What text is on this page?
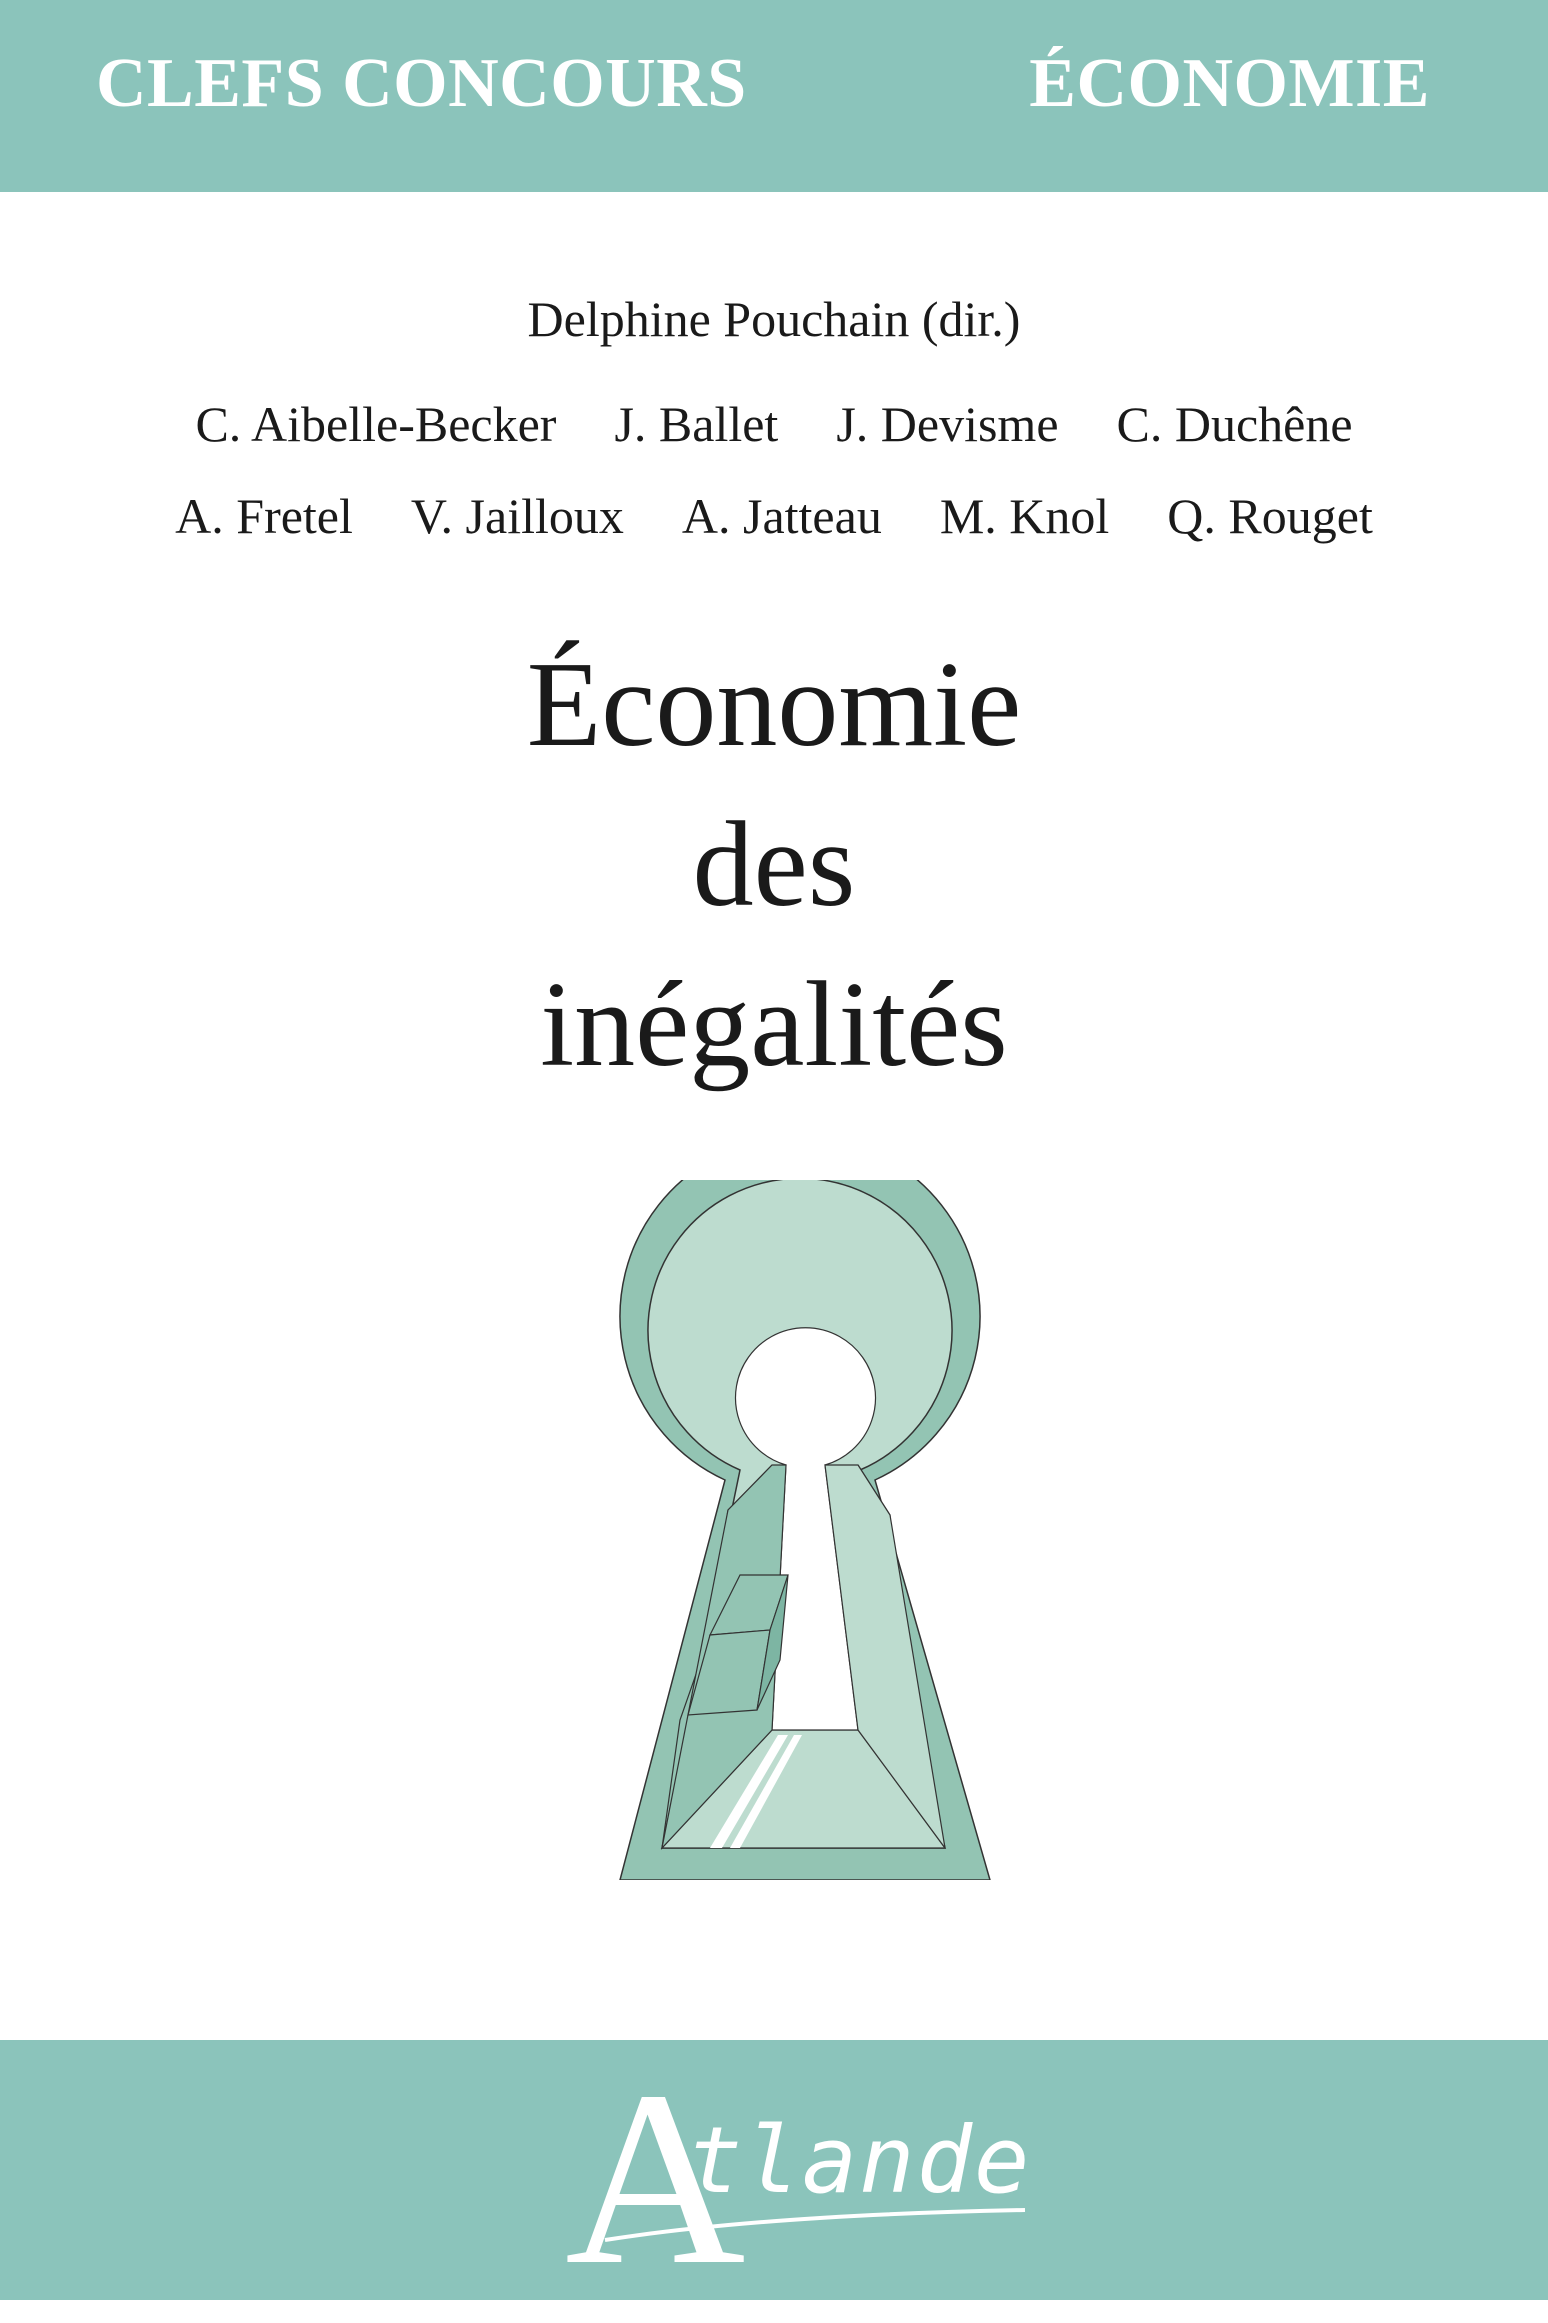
CLEFS CONCOURS	ÉCONOMIE
Delphine Pouchain (dir.)
C. Aibelle-Becker J. Ballet J. Devisme C. Duchêne
A. Fretel V. Jailloux A. Jatteau M. Knol Q. Rouget
Économie
des
inégalités
A
tlande
